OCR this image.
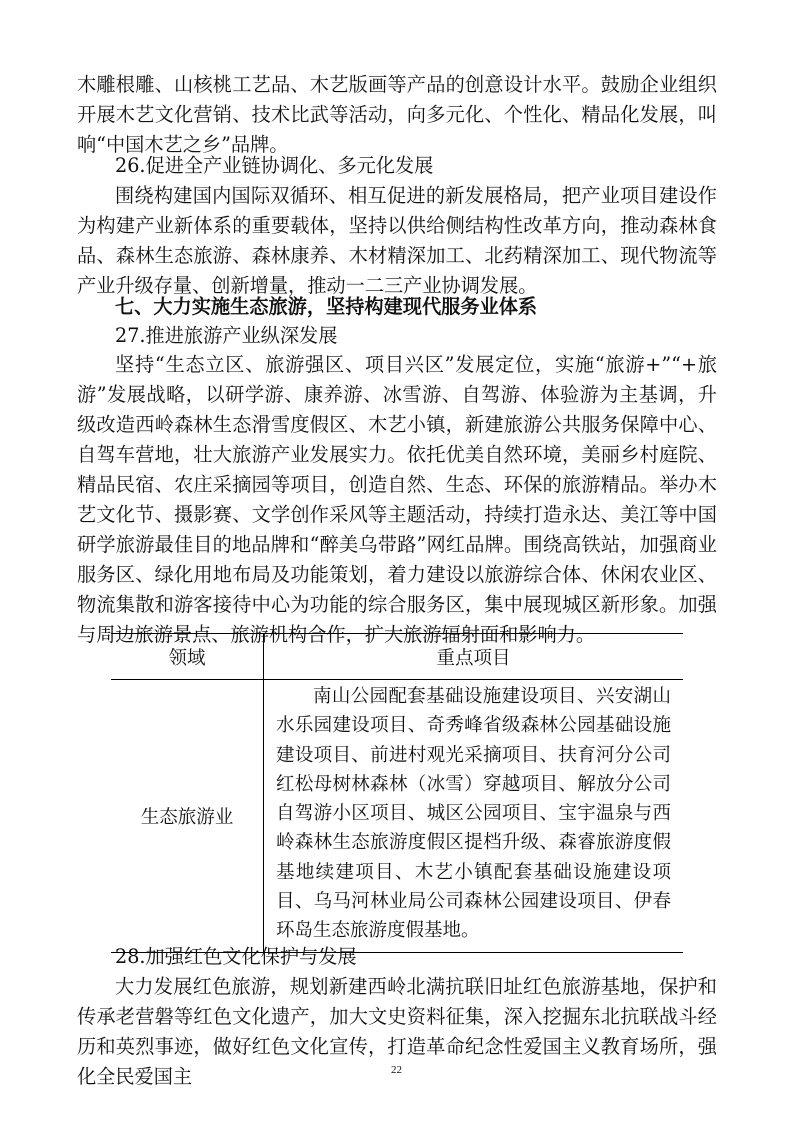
木雕根雕、山核桃工艺品、木艺版画等产品的创意设计水平。鼓励企业组织开展木艺文化营销、技术比武等活动，向多元化、个性化、精品化发展，叫响“中国木艺之乡”品牌。
26.促进全产业链协调化、多元化发展
围绕构建国内国际双循环、相互促进的新发展格局，把产业项目建设作为构建产业新体系的重要载体，坚持以供给侧结构性改革方向，推动森林食品、森林生态旅游、森林康养、木材精深加工、北药精深加工、现代物流等产业升级存量、创新增量，推动一二三产业协调发展。
七、大力实施生态旅游，坚持构建现代服务业体系
27.推进旅游产业纵深发展
坚持“生态立区、旅游强区、项目兴区”发展定位，实施“旅游+”“+旅游”发展战略，以研学游、康养游、冰雪游、自驾游、体验游为主基调，升级改造西岭森林生态滑雪度假区、木艺小镇，新建旅游公共服务保障中心、自驾车营地，壮大旅游产业发展实力。依托优美自然环境，美丽乡村庭院、精品民宿、农庄采摘园等项目，创造自然、生态、环保的旅游精品。举办木艺文化节、摄影赛、文学创作采风等主题活动，持续打造永达、美江等中国研学旅游最佳目的地品牌和“醉美乌带路”网红品牌。围绕高铁站，加强商业服务区、绿化用地布局及功能策划，着力建设以旅游综合体、休闲农业区、物流集散和游客接待中心为功能的综合服务区，集中展现城区新形象。加强与周边旅游景点、旅游机构合作，扩大旅游辐射面和影响力。
领域	重点项目
生态旅游业	南山公园配套基础设施建设项目、兴安湖山水乐园建设项目、奇秀峰省级森林公园基础设施建设项目、前进村观光采摘项目、扶育河分公司红松母树林森林（冰雪）穿越项目、解放分公司自驾游小区项目、城区公园项目、宝宇温泉与西岭森林生态旅游度假区提档升级、森睿旅游度假基地续建项目、木艺小镇配套基础设施建设项目、乌马河林业局公司森林公园建设项目、伊春环岛生态旅游度假基地。
28.加强红色文化保护与发展
大力发展红色旅游，规划新建西岭北满抗联旧址红色旅游基地，保护和传承老营磐等红色文化遗产，加大文史资料征集，深入挖掘东北抗联战斗经历和英烈事迹，做好红色文化宣传，打造革命纪念性爱国主义教育场所，强化全民爱国主	22
